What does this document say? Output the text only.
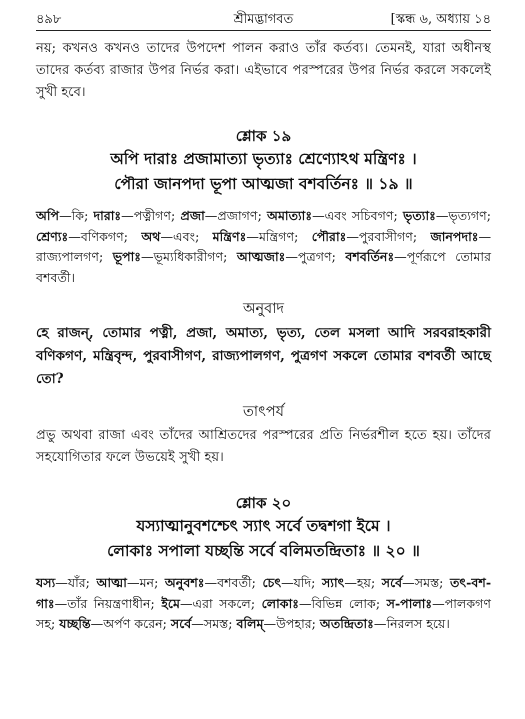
৪৯৮	শ্রীমদ্ভাগবত	[স্কন্ধ ৬, অধ্যায় ১৪

নয়; কখনও কখনও তাদের উপদেশ পালন করাও তাঁর কর্তব্য। তেমনই, যারা অধীনস্থ তাদের কর্তব্য রাজার উপর নির্ভর করা। এইভাবে পরস্পরের উপর নির্ভর করলে সকলেই সুখী হবে।

শ্লোক ১৯
অপি দারাঃ প্রজামাত্যা ভৃত্যাঃ শ্রেণ্যোঽথ মন্ত্রিণঃ ।
পৌরা জানপদা ভূপা আত্মজা বশবর্তিনঃ ॥ ১৯ ॥

অপি—কি; দারাঃ—পত্নীগণ; প্রজা—প্রজাগণ; অমাত্যাঃ—এবং সচিবগণ; ভৃত্যাঃ—ভৃত্যগণ; শ্রেণ্যঃ—বণিকগণ; অথ—এবং; মন্ত্রিণঃ—মন্ত্রিগণ; পৌরাঃ—পুরবাসীগণ; জানপদাঃ—রাজ্যপালগণ; ভূপাঃ—ভূম্যধিকারীগণ; আত্মজাঃ—পুত্রগণ; বশবর্তিনঃ—পূর্ণরূপে তোমার বশবর্তী।

অনুবাদ

হে রাজন্, তোমার পত্নী, প্রজা, অমাত্য, ভৃত্য, তেল মসলা আদি সরবরাহকারী বণিকগণ, মন্ত্রিবৃন্দ, পুরবাসীগণ, রাজ্যপালগণ, পুত্রগণ সকলে তোমার বশবর্তী আছে তো?

তাৎপর্য

প্রভু অথবা রাজা এবং তাঁদের আশ্রিতদের পরস্পরের প্রতি নির্ভরশীল হতে হয়। তাঁদের সহযোগিতার ফলে উভয়েই সুখী হয়।

শ্লোক ২০
যস্যাত্মানুবশশ্চেৎ স্যাৎ সর্বে তদ্বশগা ইমে ।
লোকাঃ সপালা যচ্ছন্তি সর্বে বলিমতন্দ্রিতাঃ ॥ ২০ ॥

যস্য—যাঁর; আত্মা—মন; অনুবশঃ—বশবর্তী; চেৎ—যদি; স্যাৎ—হয়; সর্বে—সমস্ত; তৎ-বশ-গাঃ—তাঁর নিয়ন্ত্রণাধীন; ইমে—এরা সকলে; লোকাঃ—বিভিন্ন লোক; স-পালাঃ—পালকগণ সহ; যচ্ছন্তি—অর্পণ করেন; সর্বে—সমস্ত; বলিম্—উপহার; অতন্দ্রিতাঃ—নিরলস হয়ে।
